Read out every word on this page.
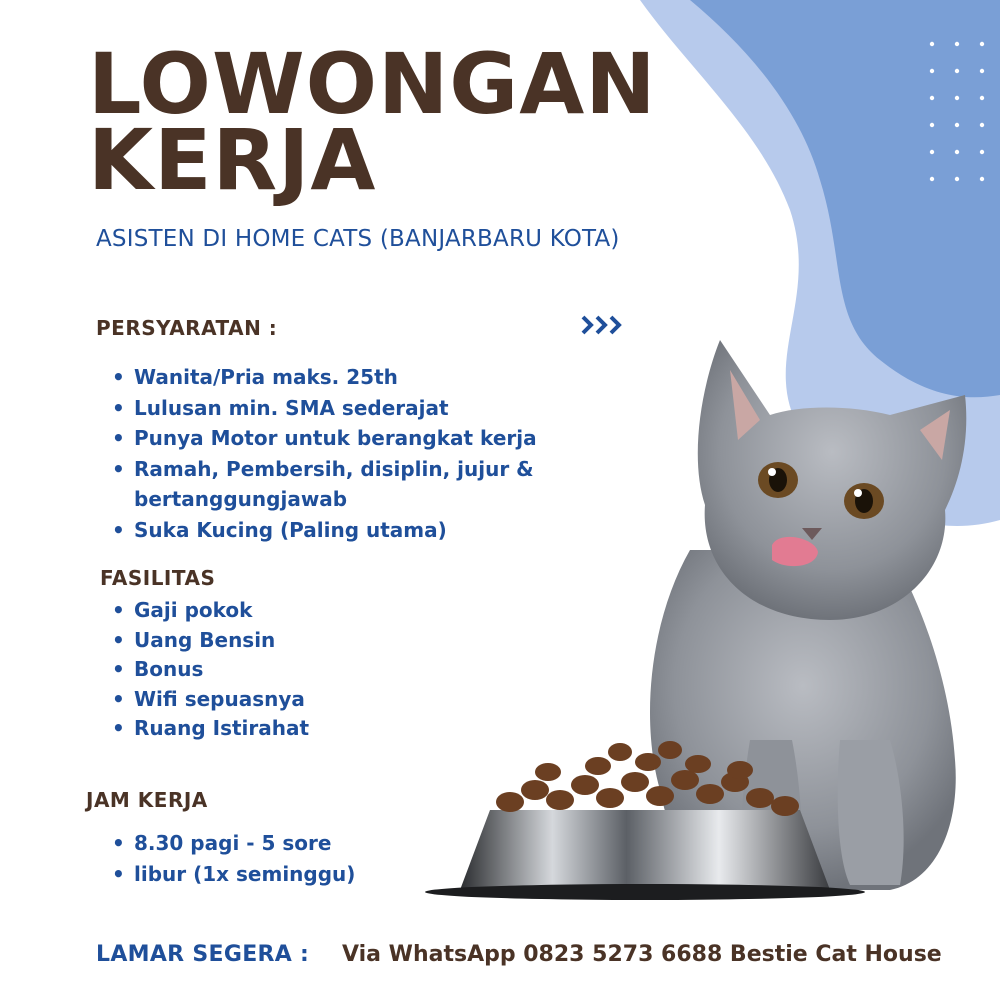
LOWONGAN
KERJA
ASISTEN DI HOME CATS (BANJARBARU KOTA)
PERSYARATAN :
• Wanita/Pria maks. 25th
• Lulusan min. SMA sederajat
• Punya Motor untuk berangkat kerja
• Ramah, Pembersih, disiplin, jujur & bertanggungjawab
• Suka Kucing (Paling utama)
FASILITAS
• Gaji pokok
• Uang Bensin
• Bonus
• Wifi sepuasnya
• Ruang Istirahat
JAM KERJA
• 8.30 pagi - 5 sore
• libur (1x seminggu)
LAMAR SEGERA : Via WhatsApp 0823 5273 6688 Bestie Cat House
